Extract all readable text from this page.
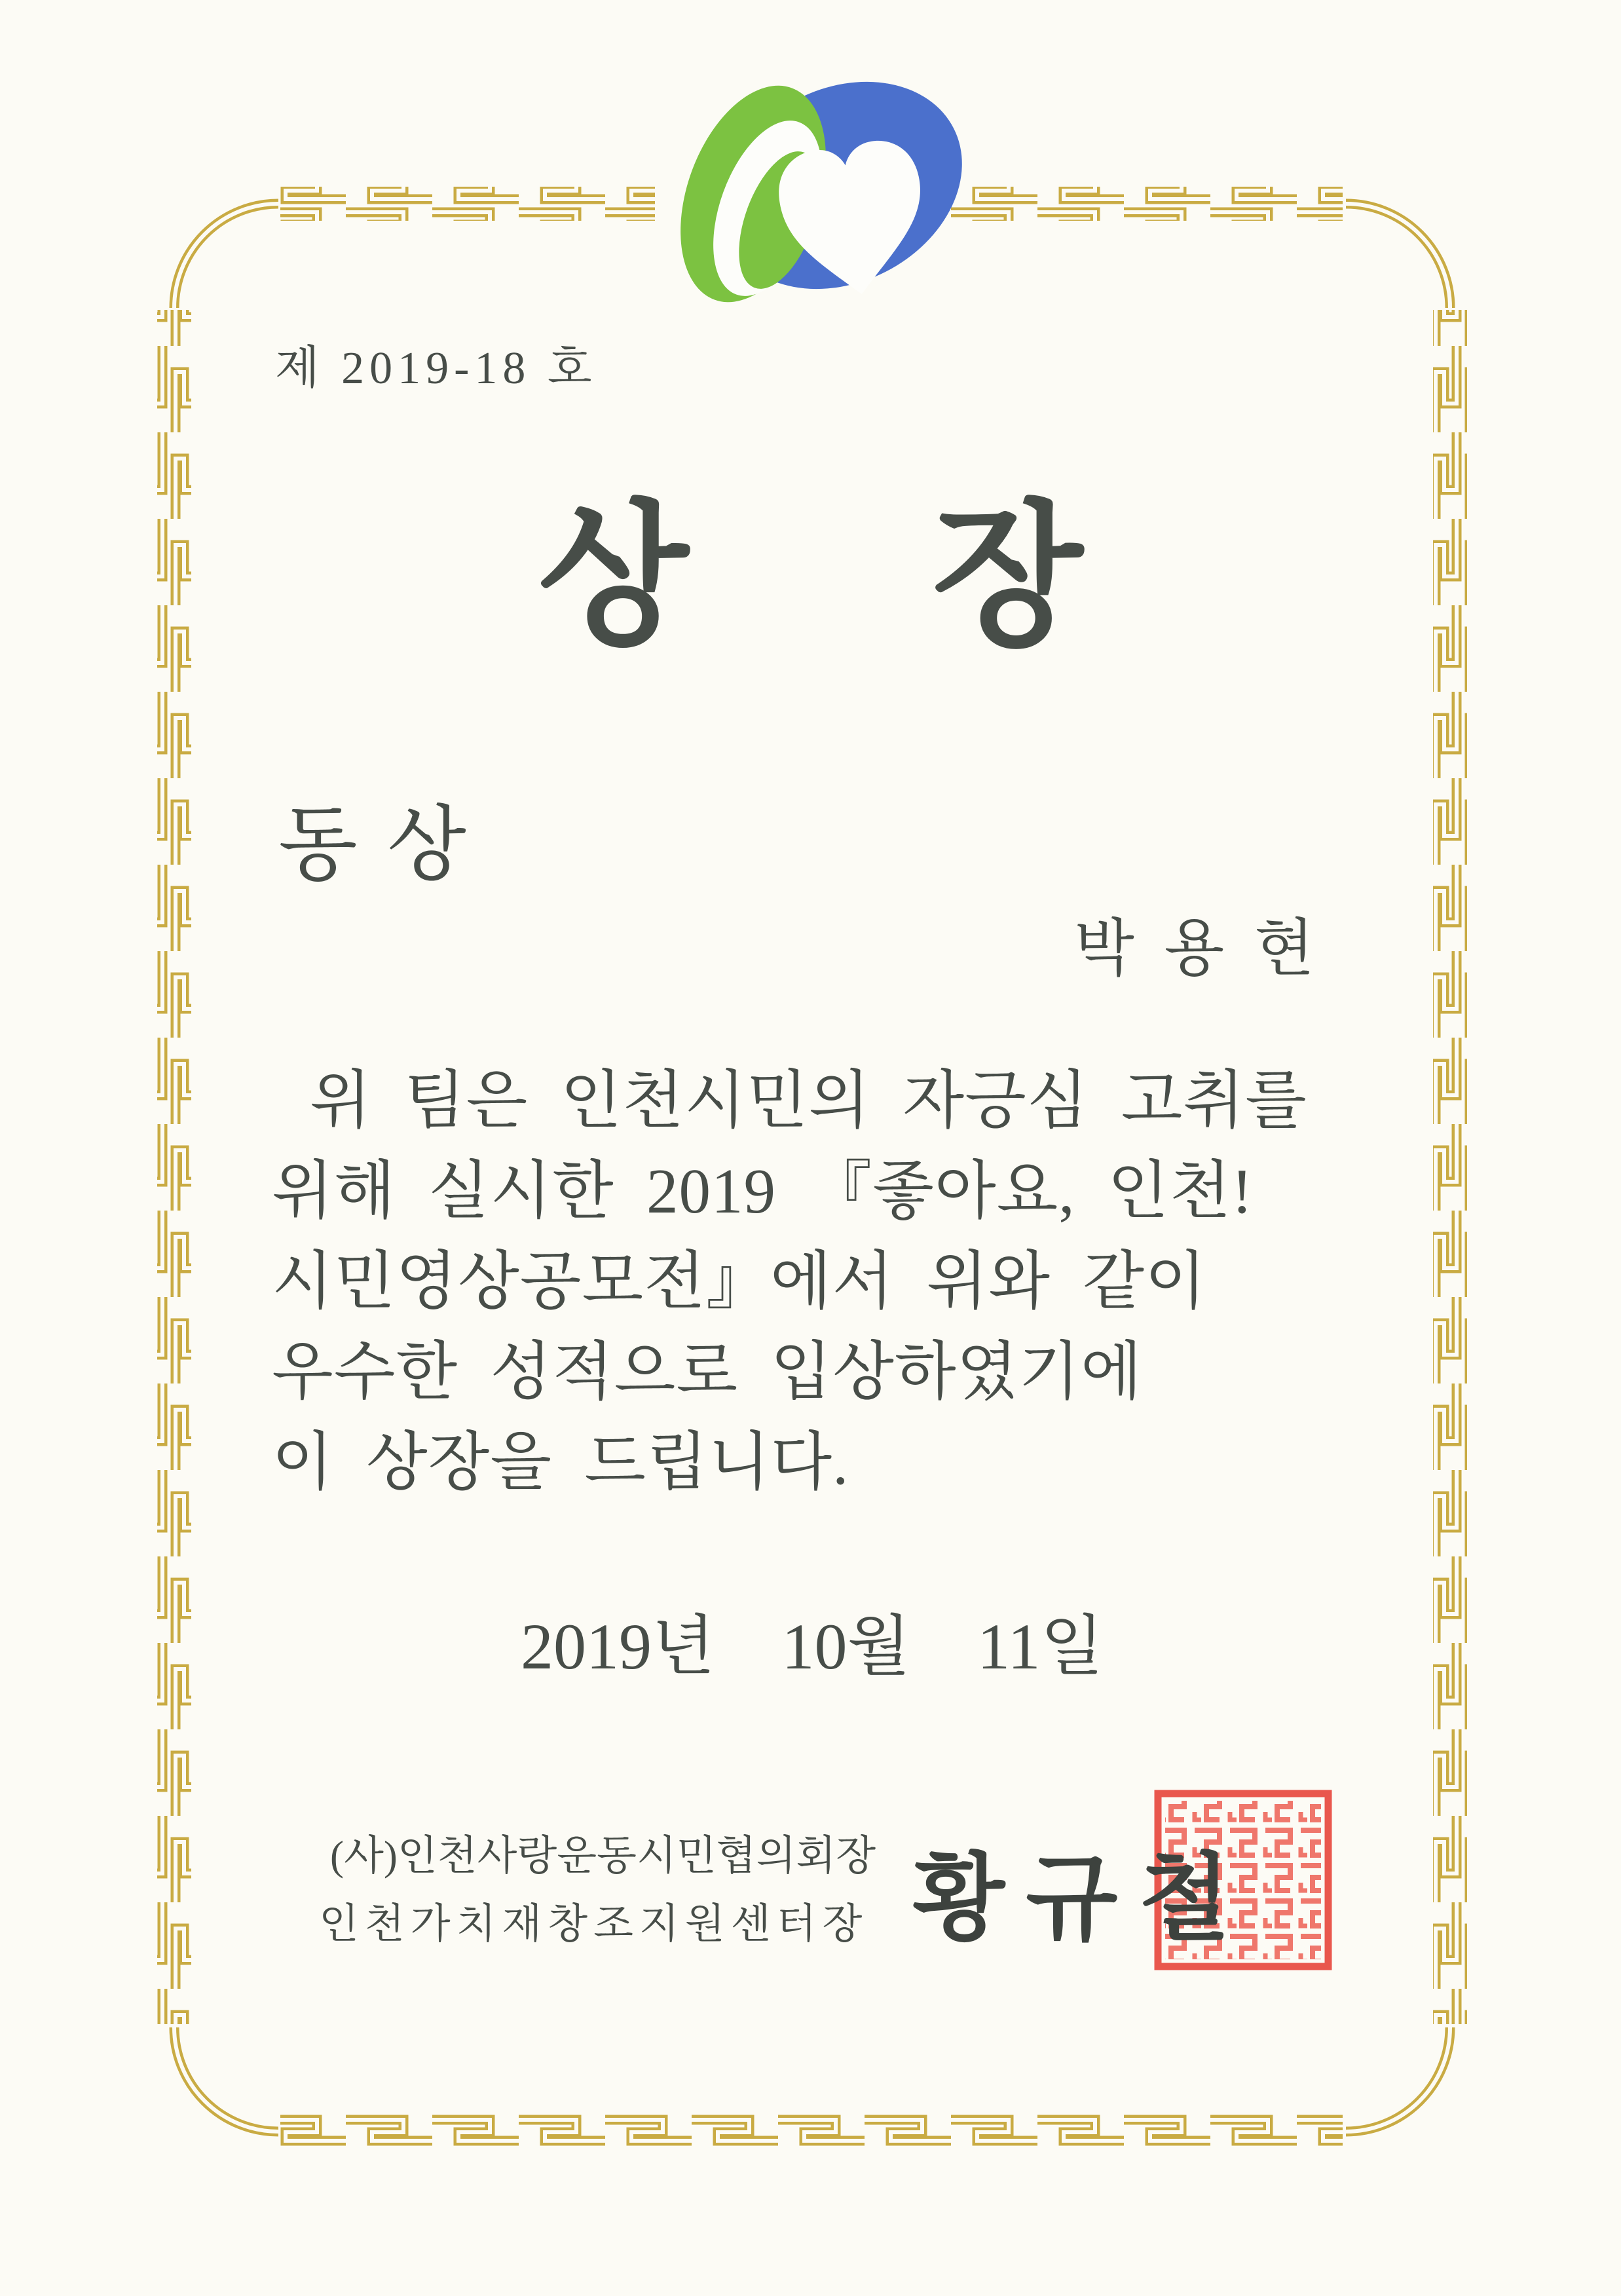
제 2019-18 호
상장
동 상
박 용 현
위 팀은 인천시민의 자긍심 고취를
위해 실시한 2019 『좋아요, 인천!
시민영상공모전』에서 위와 같이
우수한 성적으로 입상하였기에
이 상장을 드립니다.
2019년  10월  11일
(사)인천사랑운동시민협의회장
인천가치재창조지원센터장 황 규 철
